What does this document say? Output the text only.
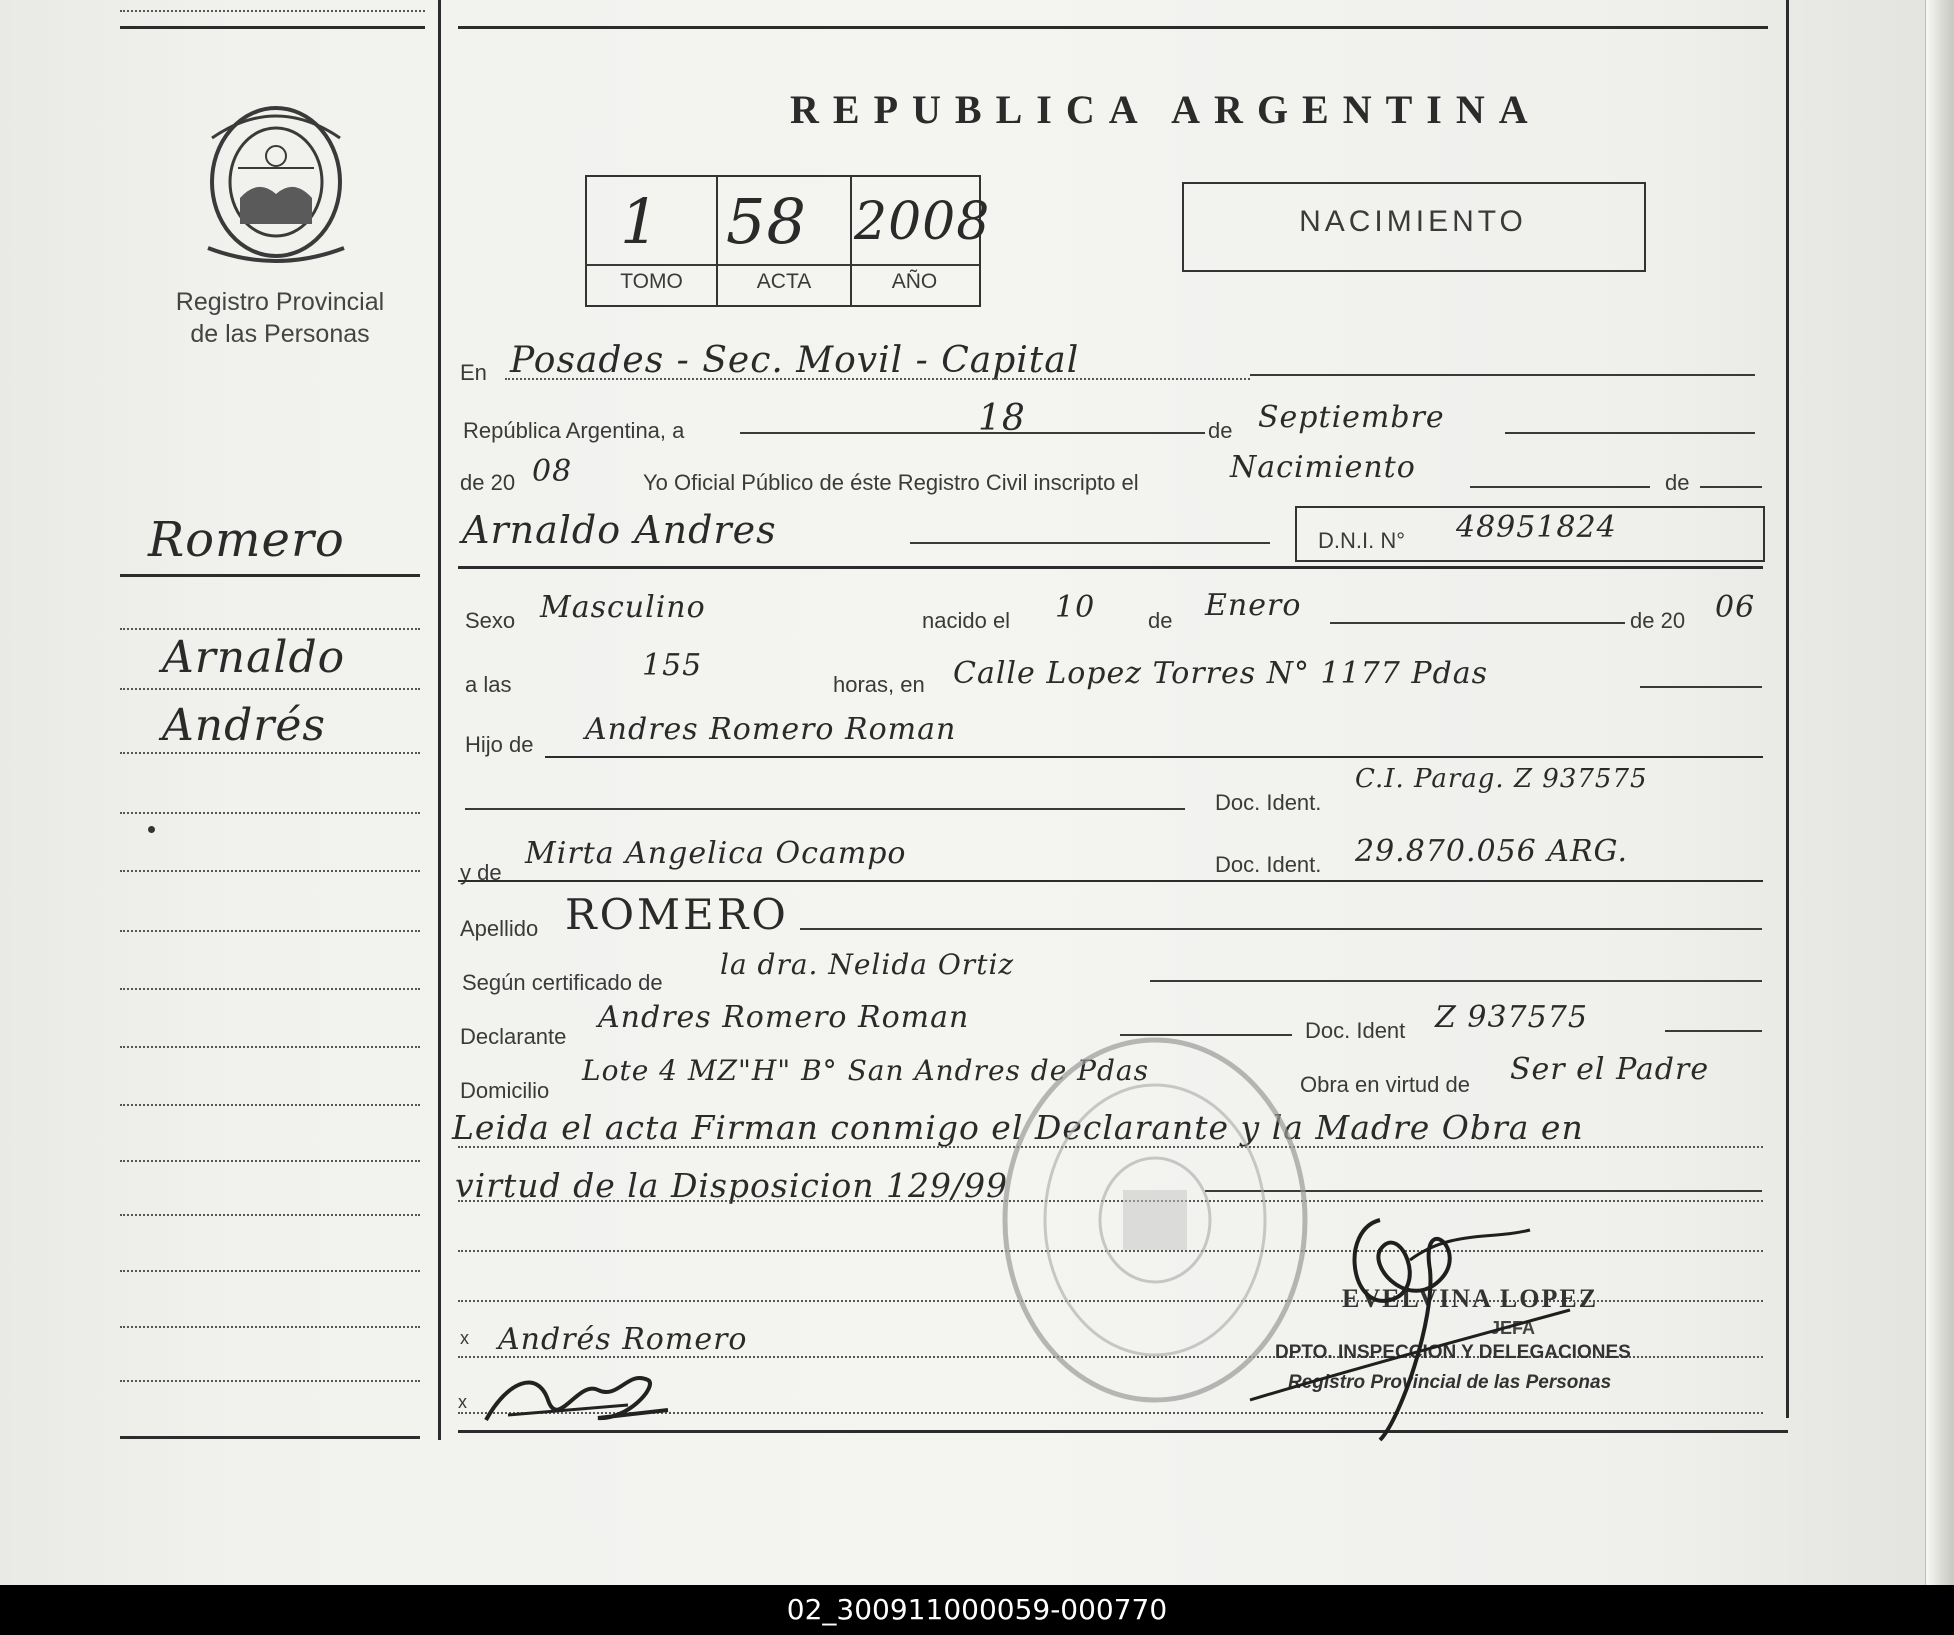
Registro Provincial
de las Personas
REPUBLICA ARGENTINA
1 58 2008
TOMO	ACTA	AÑO
NACIMIENTO
En Posades - Sec. Movil - Capital
República Argentina, a	18	de Septiembre
de 20 08	Yo Oficial Público de éste Registro Civil inscripto el	Nacimiento	de
Arnaldo Andres	D.N.I. N° 48951824
Romero
Arnaldo
Andrés
Sexo Masculino	nacido el 10 de Enero	de 20 06
a las
155
horas, en Calle Lopez Torres N° 1177 Pdas
Hijo de Andres Romero Roman
Doc. Ident.
C.I. Parag. Z 937575
y de
Mirta Angelica Ocampo	Doc. Ident. 29.870.056 ARG.
Apellido ROMERO
Según certificado de
la dra. Nelida Ortiz
Declarante
Andres Romero Roman	Doc. Ident Z 937575
Domicilio
Lote 4 MZ"H" B° San Andres de Pdas	Obra en virtud de Ser el Padre
Leida el acta Firman conmigo el Declarante y la Madre Obra en
virtud de la Disposicion 129/99
x Andrés Romero
x
EVELVINA LOPEZ
JEFA
DPTO. INSPECCION Y DELEGACIONES
Registro Provincial de las Personas
02_300911000059-000770
